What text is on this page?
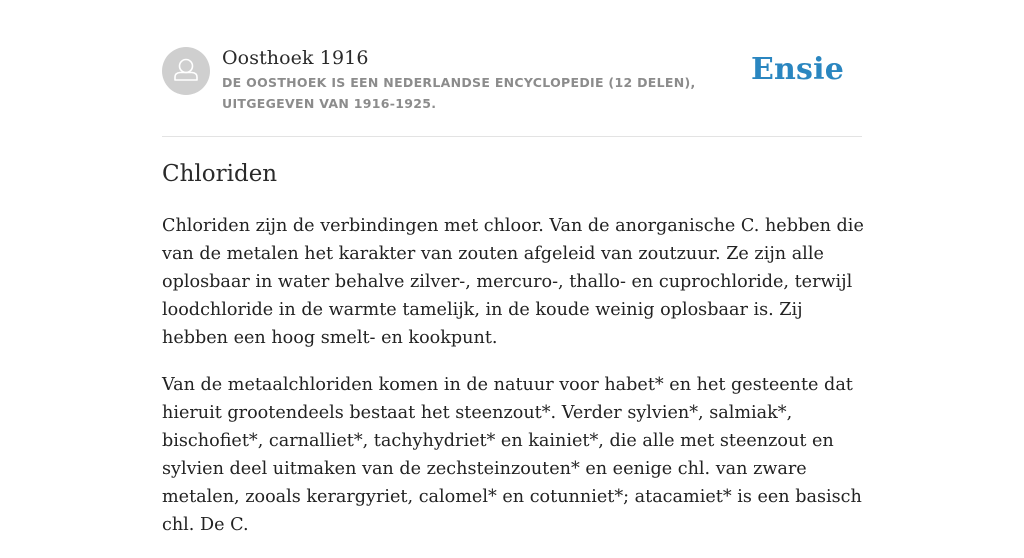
Oosthoek 1916
DE OOSTHOEK IS EEN NEDERLANDSE ENCYCLOPEDIE (12 DELEN), UITGEGEVEN VAN 1916-1925.
Ensie
Chloriden

Chloriden zijn de verbindingen met chloor. Van de anorganische C. hebben die van de metalen het karakter van zouten afgeleid van zoutzuur. Ze zijn alle oplosbaar in water behalve zilver-, mercuro-, thallo- en cuprochloride, terwijl loodchloride in de warmte tamelijk, in de koude weinig oplosbaar is. Zij hebben een hoog smelt- en kookpunt.

Van de metaalchloriden komen in de natuur voor habet* en het gesteente dat hieruit grootendeels bestaat het steenzout*. Verder sylvien*, salmiak*, bischofiet*, carnalliet*, tachyhydriet* en kainiet*, die alle met steenzout en sylvien deel uitmaken van de zechsteinzouten* en eenige chl. van zware metalen, zooals kerargyriet, calomel* en cotunniet*; atacamiet* is een basisch chl. De C.
